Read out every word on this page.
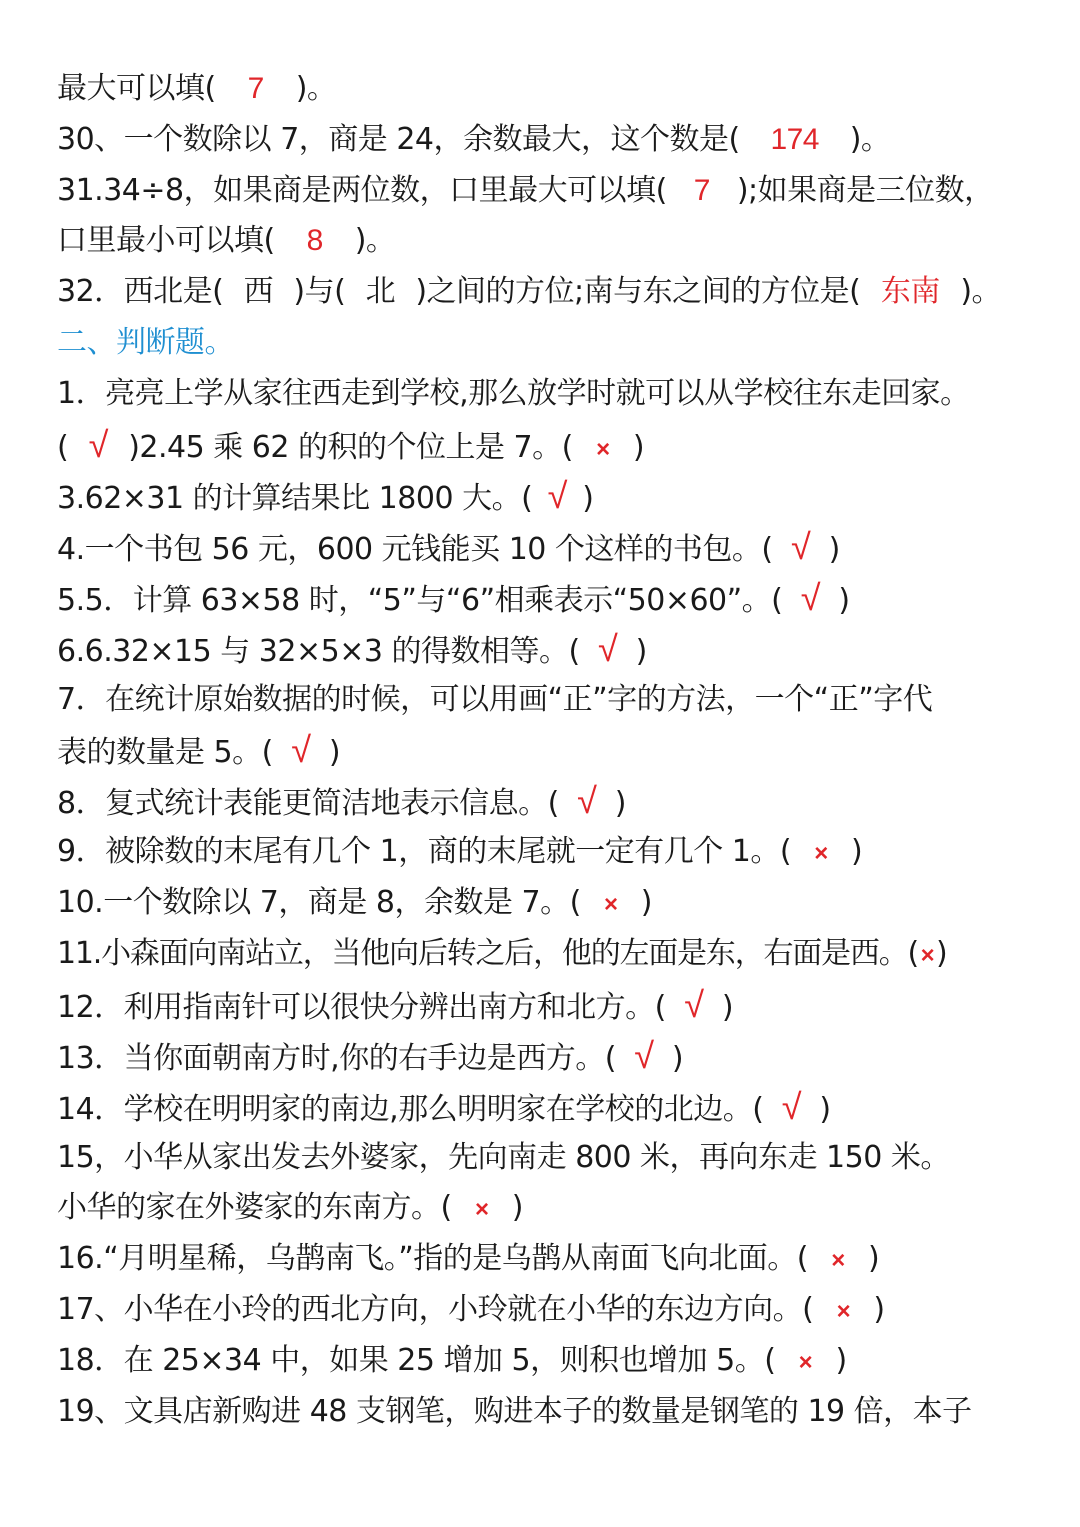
最大可以填( 7 )。
30、一个数除以 7，商是 24，余数最大，这个数是( 174 )。
31.34÷8，如果商是两位数，口里最大可以填( 7 );如果商是三位数，
口里最小可以填( 8 )。
32．西北是( 西 )与( 北 )之间的方位;南与东之间的方位是( 东南 )。
二、判断题。
1．亮亮上学从家往西走到学校,那么放学时就可以从学校往东走回家。
( √ )2.45 乘 62 的积的个位上是 7。( × )
3.62×31 的计算结果比 1800 大。( √ )
4.一个书包 56 元，600 元钱能买 10 个这样的书包。( √ )
5.5．计算 63×58 时，“5”与“6”相乘表示“50×60”。( √ )
6.6.32×15 与 32×5×3 的得数相等。( √ )
7．在统计原始数据的时候，可以用画“正”字的方法，一个“正”字代
表的数量是 5。( √ )
8．复式统计表能更简洁地表示信息。( √ )
9．被除数的末尾有几个 1，商的末尾就一定有几个 1。( × )
10.一个数除以 7，商是 8，余数是 7。( × )
11.小森面向南站立，当他向后转之后，他的左面是东，右面是西。( ×)
12．利用指南针可以很快分辨出南方和北方。( √ )
13．当你面朝南方时,你的右手边是西方。( √ )
14．学校在明明家的南边,那么明明家在学校的北边。( √ )
15，小华从家出发去外婆家，先向南走 800 米，再向东走 150 米。
小华的家在外婆家的东南方。( × )
16.“月明星稀，乌鹊南飞。”指的是乌鹊从南面飞向北面。( × )
17、小华在小玲的西北方向，小玲就在小华的东边方向。( × )
18．在 25×34 中，如果 25 增加 5，则积也增加 5。( × )
19、文具店新购进 48 支钢笔，购进本子的数量是钢笔的 19 倍，本子
